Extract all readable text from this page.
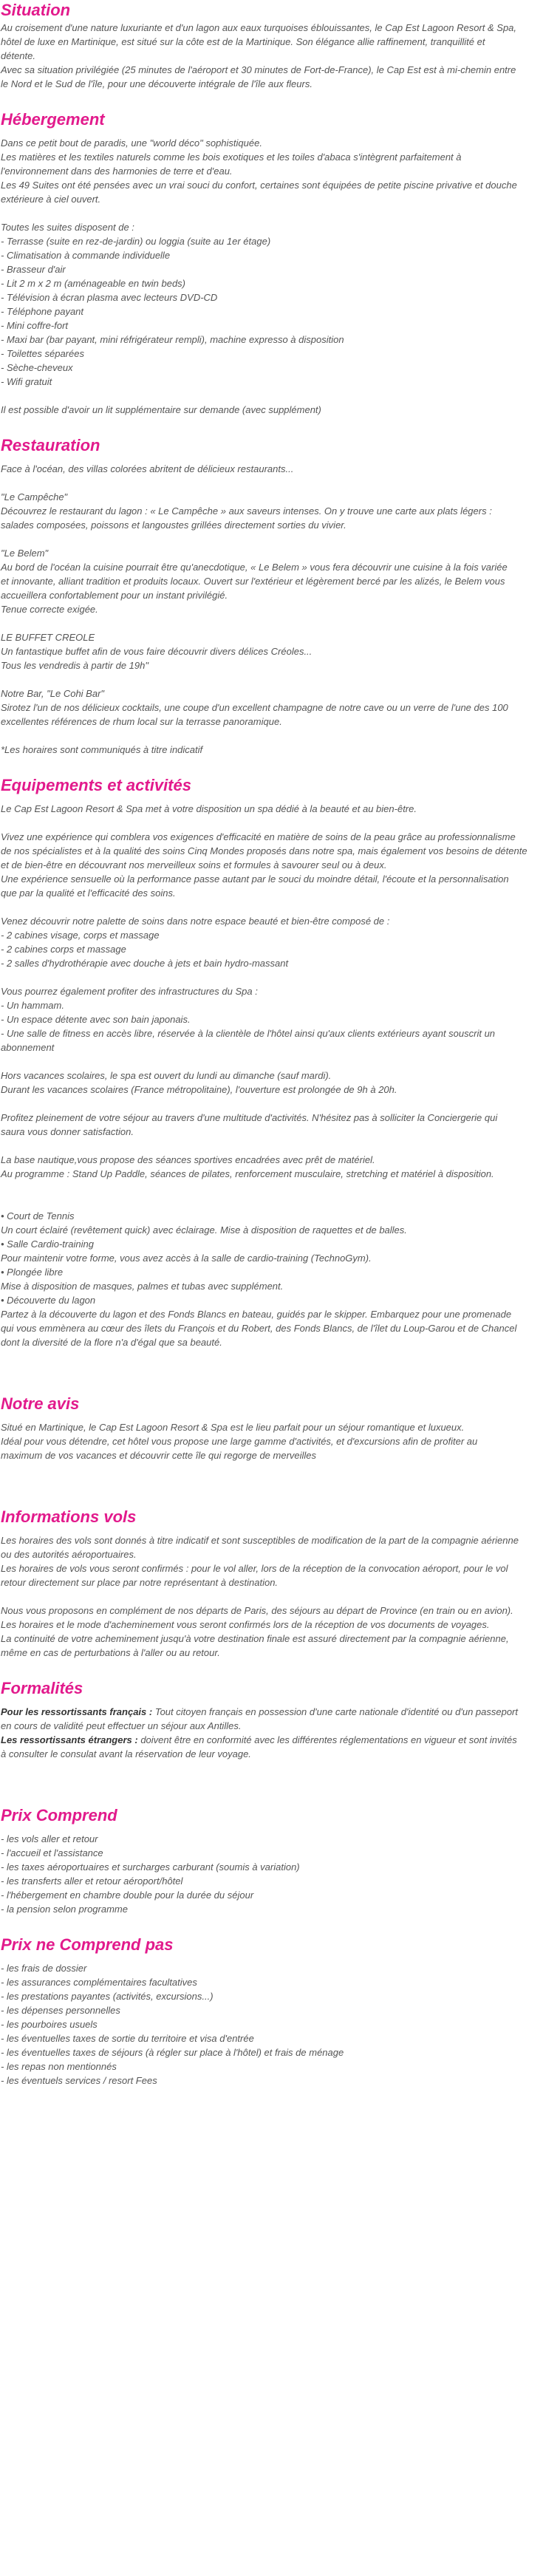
Situation

Au croisement d'une nature luxuriante et d'un lagon aux eaux turquoises éblouissantes, le Cap Est Lagoon Resort & Spa,

hôtel de luxe en Martinique, est situé sur la côte est de la Martinique. Son élégance allie raffinement, tranquillité et

détente.

Avec sa situation privilégiée (25 minutes de l'aéroport et 30 minutes de Fort-de-France), le Cap Est est à mi-chemin entre

le Nord et le Sud de l'île, pour une découverte intégrale de l'île aux fleurs.

Hébergement

Dans ce petit bout de paradis, une "world déco" sophistiquée.

Les matières et les textiles naturels comme les bois exotiques et les toiles d'abaca s'intègrent parfaitement à

l'environnement dans des harmonies de terre et d'eau.

Les 49 Suites ont été pensées avec un vrai souci du confort, certaines sont équipées de petite piscine privative et douche

extérieure à ciel ouvert.

Toutes les suites disposent de :

- Terrasse (suite en rez-de-jardin) ou loggia (suite au 1er étage)

- Climatisation à commande individuelle

- Brasseur d'air

- Lit 2 m x 2 m (aménageable en twin beds)

- Télévision à écran plasma avec lecteurs DVD-CD

- Téléphone payant

- Mini coffre-fort

- Maxi bar (bar payant, mini réfrigérateur rempli), machine expresso à disposition

- Toilettes séparées

- Sèche-cheveux

- Wifi gratuit

Il est possible d'avoir un lit supplémentaire sur demande (avec supplément)

Restauration

Face à l'océan, des villas colorées abritent de délicieux restaurants...

"Le Campêche"

Découvrez le restaurant du lagon : « Le Campêche » aux saveurs intenses. On y trouve une carte aux plats légers :

salades composées, poissons et langoustes grillées directement sorties du vivier.

"Le Belem"

Au bord de l'océan la cuisine pourrait être qu'anecdotique, « Le Belem » vous fera découvrir une cuisine à la fois variée

et innovante, alliant tradition et produits locaux. Ouvert sur l'extérieur et légèrement bercé par les alizés, le Belem vous

accueillera confortablement pour un instant privilégié.

Tenue correcte exigée.

LE BUFFET CREOLE

Un fantastique buffet afin de vous faire découvrir divers délices Créoles...

Tous les vendredis à partir de 19h"

Notre Bar, "Le Cohi Bar"

Sirotez l'un de nos délicieux cocktails, une coupe d'un excellent champagne de notre cave ou un verre de l'une des 100

excellentes références de rhum local sur la terrasse panoramique.

*Les horaires sont communiqués à titre indicatif

Equipements et activités

Le Cap Est Lagoon Resort & Spa met à votre disposition un spa dédié à la beauté et au bien-être.

Vivez une expérience qui comblera vos exigences d'efficacité en matière de soins de la peau grâce au professionnalisme

de nos spécialistes et à la qualité des soins Cinq Mondes proposés dans notre spa, mais également vos besoins de détente

et de bien-être en découvrant nos merveilleux soins et formules à savourer seul ou à deux.

Une expérience sensuelle où la performance passe autant par le souci du moindre détail, l'écoute et la personnalisation

que par la qualité et l'efficacité des soins.

Venez découvrir notre palette de soins dans notre espace beauté et bien-être composé de :

- 2 cabines visage, corps et massage

- 2 cabines corps et massage

- 2 salles d'hydrothérapie avec douche à jets et bain hydro-massant

Vous pourrez également profiter des infrastructures du Spa :

- Un hammam.

- Un espace détente avec son bain japonais.

- Une salle de fitness en accès libre, réservée à la clientèle de l'hôtel ainsi qu'aux clients extérieurs ayant souscrit un

abonnement

Hors vacances scolaires, le spa est ouvert du lundi au dimanche (sauf mardi).

Durant les vacances scolaires (France métropolitaine), l'ouverture est prolongée de 9h à 20h.

Profitez pleinement de votre séjour au travers d'une multitude d'activités. N'hésitez pas à solliciter la Conciergerie qui

saura vous donner satisfaction.

La base nautique,vous propose des séances sportives encadrées avec prêt de matériel.

Au programme : Stand Up Paddle, séances de pilates, renforcement musculaire, stretching et matériel à disposition.

• Court de Tennis

Un court éclairé (revêtement quick) avec éclairage. Mise à disposition de raquettes et de balles.

• Salle Cardio-training

Pour maintenir votre forme, vous avez accès à la salle de cardio-training (TechnoGym).

• Plongée libre

Mise à disposition de masques, palmes et tubas avec supplément.

• Découverte du lagon

Partez à la découverte du lagon et des Fonds Blancs en bateau, guidés par le skipper. Embarquez pour une promenade

qui vous emmènera au cœur des îlets du François et du Robert, des Fonds Blancs, de l'îlet du Loup-Garou et de Chancel

dont la diversité de la flore n'a d'égal que sa beauté.

Notre avis

Situé en Martinique, le Cap Est Lagoon Resort & Spa est le lieu parfait pour un séjour romantique et luxueux.

Idéal pour vous détendre, cet hôtel vous propose une large gamme d'activités, et d'excursions afin de profiter au

maximum de vos vacances et découvrir cette île qui regorge de merveilles

Informations vols

Les horaires des vols sont donnés à titre indicatif et sont susceptibles de modification de la part de la compagnie aérienne

ou des autorités aéroportuaires.

Les horaires de vols vous seront confirmés : pour le vol aller, lors de la réception de la convocation aéroport, pour le vol

retour directement sur place par notre représentant à destination.

Nous vous proposons en complément de nos départs de Paris, des séjours au départ de Province (en train ou en avion).

Les horaires et le mode d'acheminement vous seront confirmés lors de la réception de vos documents de voyages.

La continuité de votre acheminement jusqu'à votre destination finale est assuré directement par la compagnie aérienne,

même en cas de perturbations à l'aller ou au retour.

Formalités

Pour les ressortissants français : Tout citoyen français en possession d'une carte nationale d'identité ou d'un passeport

en cours de validité peut effectuer un séjour aux Antilles.

Les ressortissants étrangers : doivent être en conformité avec les différentes réglementations en vigueur et sont invités

à consulter le consulat avant la réservation de leur voyage.

Prix Comprend

- les vols aller et retour

- l'accueil et l'assistance

- les taxes aéroportuaires et surcharges carburant (soumis à variation)

- les transferts aller et retour aéroport/hôtel

- l'hébergement en chambre double pour la durée du séjour

- la pension selon programme

Prix ne Comprend pas

- les frais de dossier

- les assurances complémentaires facultatives

- les prestations payantes (activités, excursions...)

- les dépenses personnelles

- les pourboires usuels

- les éventuelles taxes de sortie du territoire et visa d'entrée

- les éventuelles taxes de séjours (à régler sur place à l'hôtel) et frais de ménage

- les repas non mentionnés

- les éventuels services / resort Fees
